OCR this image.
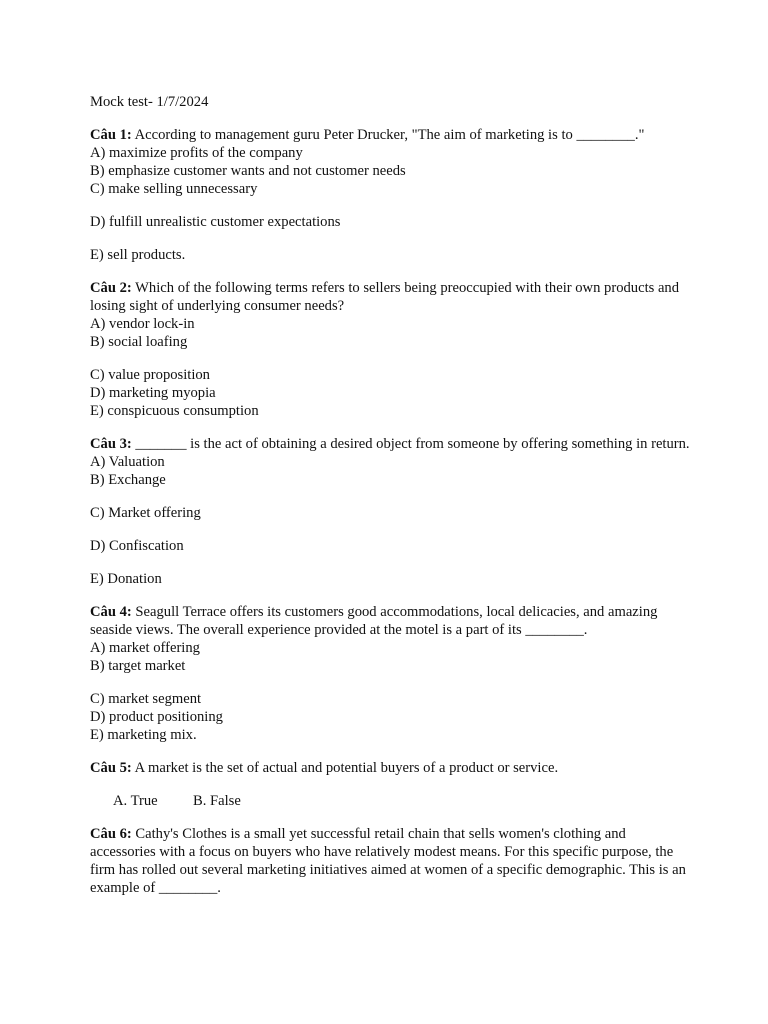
Mock test- 1/7/2024

Câu 1: According to management guru Peter Drucker, "The aim of marketing is to ________."

A) maximize profits of the company

B) emphasize customer wants and not customer needs

C) make selling unnecessary

D) fulfill unrealistic customer expectations

E) sell products.

Câu 2: Which of the following terms refers to sellers being preoccupied with their own products and losing sight of underlying consumer needs?

A) vendor lock-in

B) social loafing

C) value proposition

D) marketing myopia

E) conspicuous consumption

Câu 3: _______ is the act of obtaining a desired object from someone by offering something in return.

A) Valuation

B) Exchange

C) Market offering

D) Confiscation

E) Donation

Câu 4: Seagull Terrace offers its customers good accommodations, local delicacies, and amazing seaside views. The overall experience provided at the motel is a part of its ________.

A) market offering

B) target market

C) market segment

D) product positioning

E) marketing mix.

Câu 5: A market is the set of actual and potential buyers of a product or service.

A. True	B. False

Câu 6: Cathy's Clothes is a small yet successful retail chain that sells women's clothing and accessories with a focus on buyers who have relatively modest means. For this specific purpose, the firm has rolled out several marketing initiatives aimed at women of a specific demographic. This is an example of ________.
